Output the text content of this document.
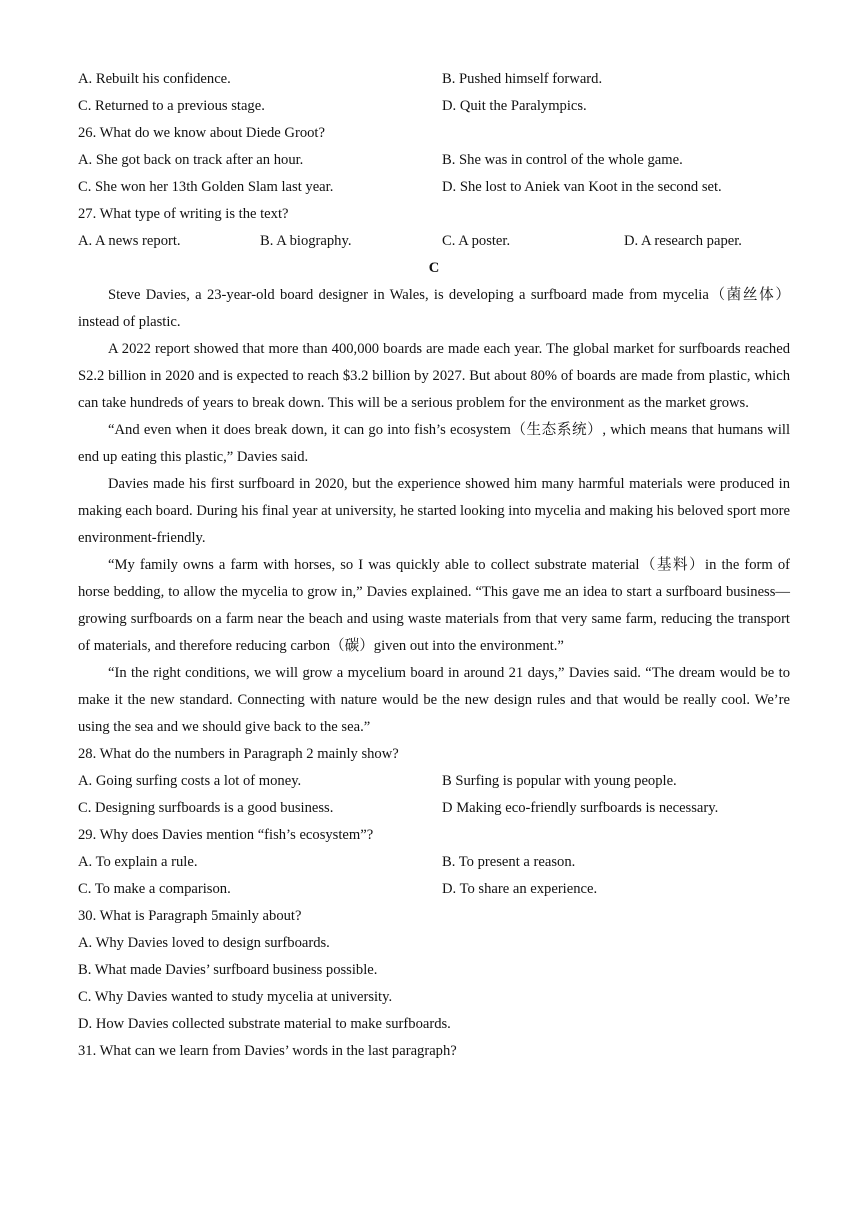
A. Rebuilt his confidence.	B. Pushed himself forward.
C. Returned to a previous stage.	D. Quit the Paralympics.
26. What do we know about Diede Groot?
A. She got back on track after an hour.	B. She was in control of the whole game.
C. She won her 13th Golden Slam last year.	D. She lost to Aniek van Koot in the second set.
27. What type of writing is the text?
A. A news report.	B. A biography.	C. A poster.	D. A research paper.
C

Steve Davies, a 23-year-old board designer in Wales, is developing a surfboard made from mycelia（菌丝体）instead of plastic.

A 2022 report showed that more than 400,000 boards are made each year. The global market for surfboards reached S2.2 billion in 2020 and is expected to reach $3.2 billion by 2027. But about 80% of boards are made from plastic, which can take hundreds of years to break down. This will be a serious problem for the environment as the market grows.

“And even when it does break down, it can go into fish’s ecosystem（生态系统）, which means that humans will end up eating this plastic,” Davies said.

Davies made his first surfboard in 2020, but the experience showed him many harmful materials were produced in making each board. During his final year at university, he started looking into mycelia and making his beloved sport more environment-friendly.

“My family owns a farm with horses, so I was quickly able to collect substrate material（基料）in the form of horse bedding, to allow the mycelia to grow in,” Davies explained. “This gave me an idea to start a surfboard business—growing surfboards on a farm near the beach and using waste materials from that very same farm, reducing the transport of materials, and therefore reducing carbon（碳）given out into the environment.”

“In the right conditions, we will grow a mycelium board in around 21 days,” Davies said. “The dream would be to make it the new standard. Connecting with nature would be the new design rules and that would be really cool. We’re using the sea and we should give back to the sea.”

28. What do the numbers in Paragraph 2 mainly show?
A. Going surfing costs a lot of money.	B Surfing is popular with young people.
C. Designing surfboards is a good business.	D Making eco-friendly surfboards is necessary.
29. Why does Davies mention “fish’s ecosystem”?
A. To explain a rule.	B. To present a reason.
C. To make a comparison.	D. To share an experience.
30. What is Paragraph 5mainly about?
A. Why Davies loved to design surfboards.
B. What made Davies’ surfboard business possible.
C. Why Davies wanted to study mycelia at university.
D. How Davies collected substrate material to make surfboards.
31. What can we learn from Davies’ words in the last paragraph?
